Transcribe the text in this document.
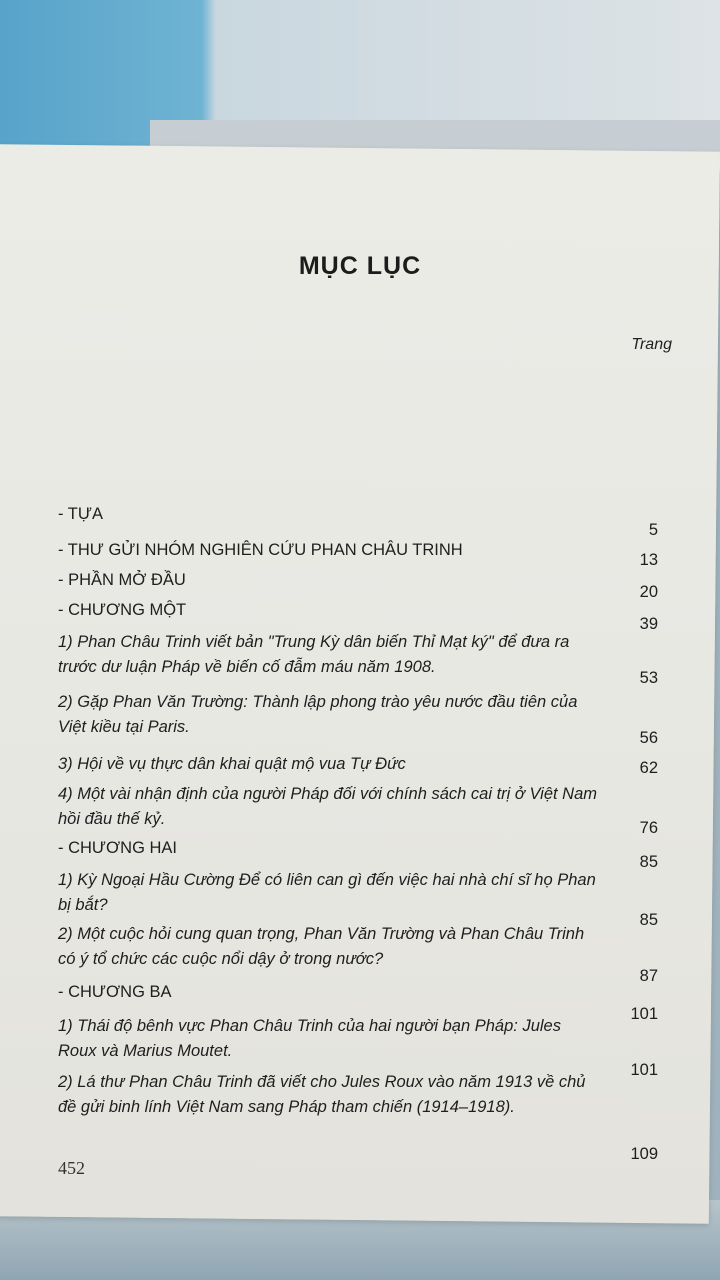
MỤC LỤC
Trang
- TỰA
5
- THƯ GỬI NHÓM NGHIÊN CỨU PHAN CHÂU TRINH
13
- PHẦN MỞ ĐẦU
20
- CHƯƠNG MỘT
39
1) Phan Châu Trinh viết bản "Trung Kỳ dân biến Thỉ Mạt ký" để đưa ra trước dư luận Pháp về biến cố đẫm máu năm 1908.
53
2) Gặp Phan Văn Trường: Thành lập phong trào yêu nước đầu tiên của Việt kiều tại Paris.
56
3) Hội về vụ thực dân khai quật mộ vua Tự Đức	62
4) Một vài nhận định của người Pháp đối với chính sách cai trị ở Việt Nam hồi đầu thế kỷ.	76
- CHƯƠNG HAI
85
1) Kỳ Ngoại Hầu Cường Để có liên can gì đến việc hai nhà chí sĩ họ Phan bị bắt?
85
2) Một cuộc hỏi cung quan trọng, Phan Văn Trường và Phan Châu Trinh có ý tổ chức các cuộc nổi dậy ở trong nước?
87
- CHƯƠNG BA
101
1) Thái độ bênh vực Phan Châu Trinh của hai người bạn Pháp: Jules Roux và Marius Moutet.
101
2) Lá thư Phan Châu Trinh đã viết cho Jules Roux vào năm 1913 về chủ đề gửi binh lính Việt Nam sang Pháp tham chiến (1914–1918).
109
452
